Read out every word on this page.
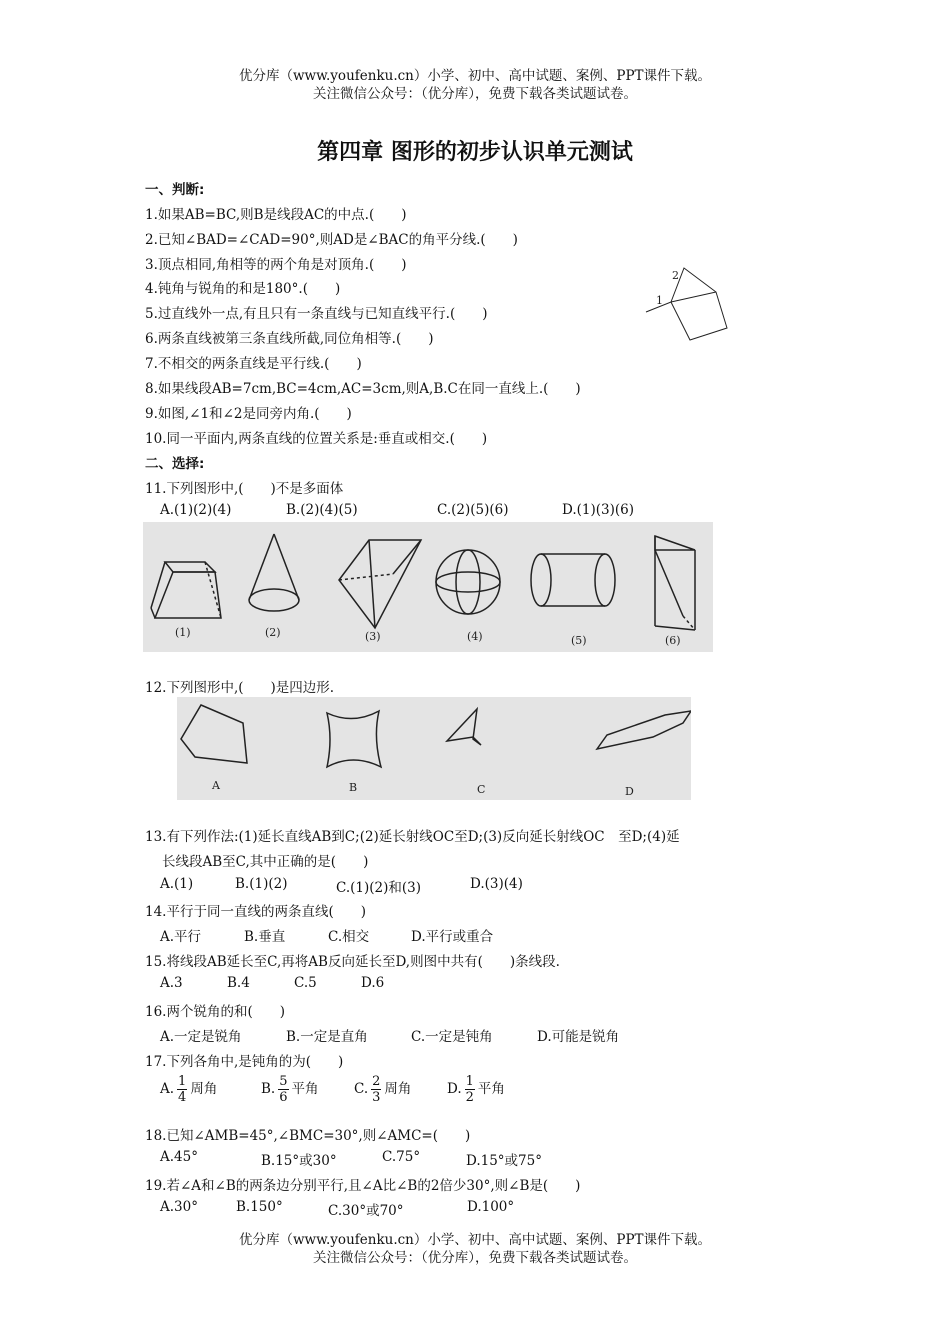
优分库（www.youfenku.cn）小学、初中、高中试题、案例、PPT课件下载。
关注微信公众号：（优分库），免费下载各类试题试卷。
第四章 图形的初步认识单元测试
一、判断:
1.如果AB=BC,则B是线段AC的中点.(　　)
2.已知∠BAD=∠CAD=90°,则AD是∠BAC的角平分线.(　　)
3.顶点相同,角相等的两个角是对顶角.(　　)
4.钝角与锐角的和是180°.(　　)
5.过直线外一点,有且只有一条直线与已知直线平行.(　　)
6.两条直线被第三条直线所截,同位角相等.(　　)
7.不相交的两条直线是平行线.(　　)
8.如果线段AB=7cm,BC=4cm,AC=3cm,则A,B.C在同一直线上.(　　)
9.如图,∠1和∠2是同旁内角.(　　)
10.同一平面内,两条直线的位置关系是:垂直或相交.(　　)
1
2
二、选择:
11.下列图形中,(　　)不是多面体
A.(1)(2)(4)	B.(2)(4)(5)	C.(2)(5)(6)	D.(1)(3)(6)
(1)	(2)	(3)	(4)	(5)	(6)
12.下列图形中,(　　)是四边形.
A	B	C	D
13.有下列作法:(1)延长直线AB到C;(2)延长射线OC至D;(3)反向延长射线OC　至D;(4)延
长线段AB至C,其中正确的是(　　)
A.(1)	B.(1)(2)	C.(1)(2)和(3)	D.(3)(4)
14.平行于同一直线的两条直线(　　)
A.平行	B.垂直	C.相交	D.平行或重合
15.将线段AB延长至C,再将AB反向延长至D,则图中共有(　　)条线段.
A.3	B.4	C.5	D.6
16.两个锐角的和(　　)
A.一定是锐角	B.一定是直角	C.一定是钝角	D.可能是锐角
17.下列各角中,是钝角的为(　　)
A. $\frac{1}{4}$ 周角	B. $\frac{5}{6}$ 平角	C. $\frac{2}{3}$ 周角	D. $\frac{1}{2}$ 平角
18.已知∠AMB=45°,∠BMC=30°,则∠AMC=(　　)
A.45°	B.15°或30°	C.75°	D.15°或75°
19.若∠A和∠B的两条边分别平行,且∠A比∠B的2倍少30°,则∠B是(　　)
A.30°	B.150°	C.30°或70°	D.100°
优分库（www.youfenku.cn）小学、初中、高中试题、案例、PPT课件下载。
关注微信公众号：（优分库），免费下载各类试题试卷。
